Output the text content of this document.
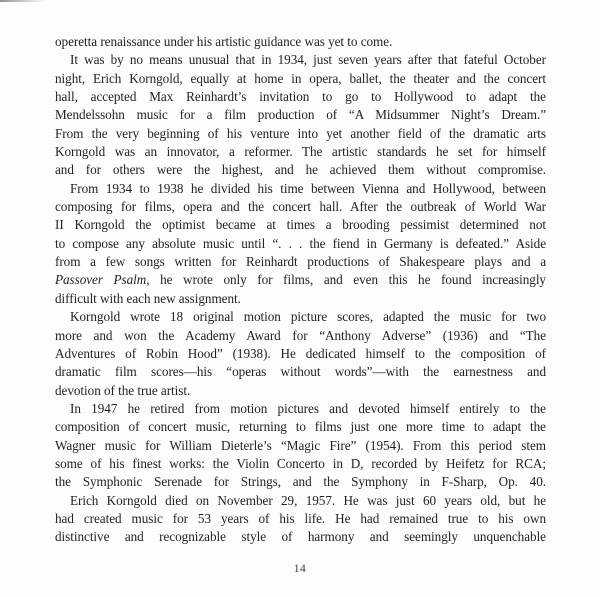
operetta renaissance under his artistic guidance was yet to come.
It was by no means unusual that in 1934, just seven years after that fateful October
night, Erich Korngold, equally at home in opera, ballet, the theater and the concert
hall, accepted Max Reinhardt’s invitation to go to Hollywood to adapt the
Mendelssohn music for a film production of “A Midsummer Night’s Dream.”
From the very beginning of his venture into yet another field of the dramatic arts
Korngold was an innovator, a reformer. The artistic standards he set for himself
and for others were the highest, and he achieved them without compromise.
From 1934 to 1938 he divided his time between Vienna and Hollywood, between
composing for films, opera and the concert hall. After the outbreak of World War
II Korngold the optimist became at times a brooding pessimist determined not
to compose any absolute music until “. . . the fiend in Germany is defeated.” Aside
from a few songs written for Reinhardt productions of Shakespeare plays and a
Passover Psalm, he wrote only for films, and even this he found increasingly
difficult with each new assignment.
Korngold wrote 18 original motion picture scores, adapted the music for two
more and won the Academy Award for “Anthony Adverse” (1936) and “The
Adventures of Robin Hood” (1938). He dedicated himself to the composition of
dramatic film scores—his “operas without words”—with the earnestness and
devotion of the true artist.
In 1947 he retired from motion pictures and devoted himself entirely to the
composition of concert music, returning to films just one more time to adapt the
Wagner music for William Dieterle’s “Magic Fire” (1954). From this period stem
some of his finest works: the Violin Concerto in D, recorded by Heifetz for RCA;
the Symphonic Serenade for Strings, and the Symphony in F-Sharp, Op. 40.
Erich Korngold died on November 29, 1957. He was just 60 years old, but he
had created music for 53 years of his life. He had remained true to his own
distinctive and recognizable style of harmony and seemingly unquenchable
14
